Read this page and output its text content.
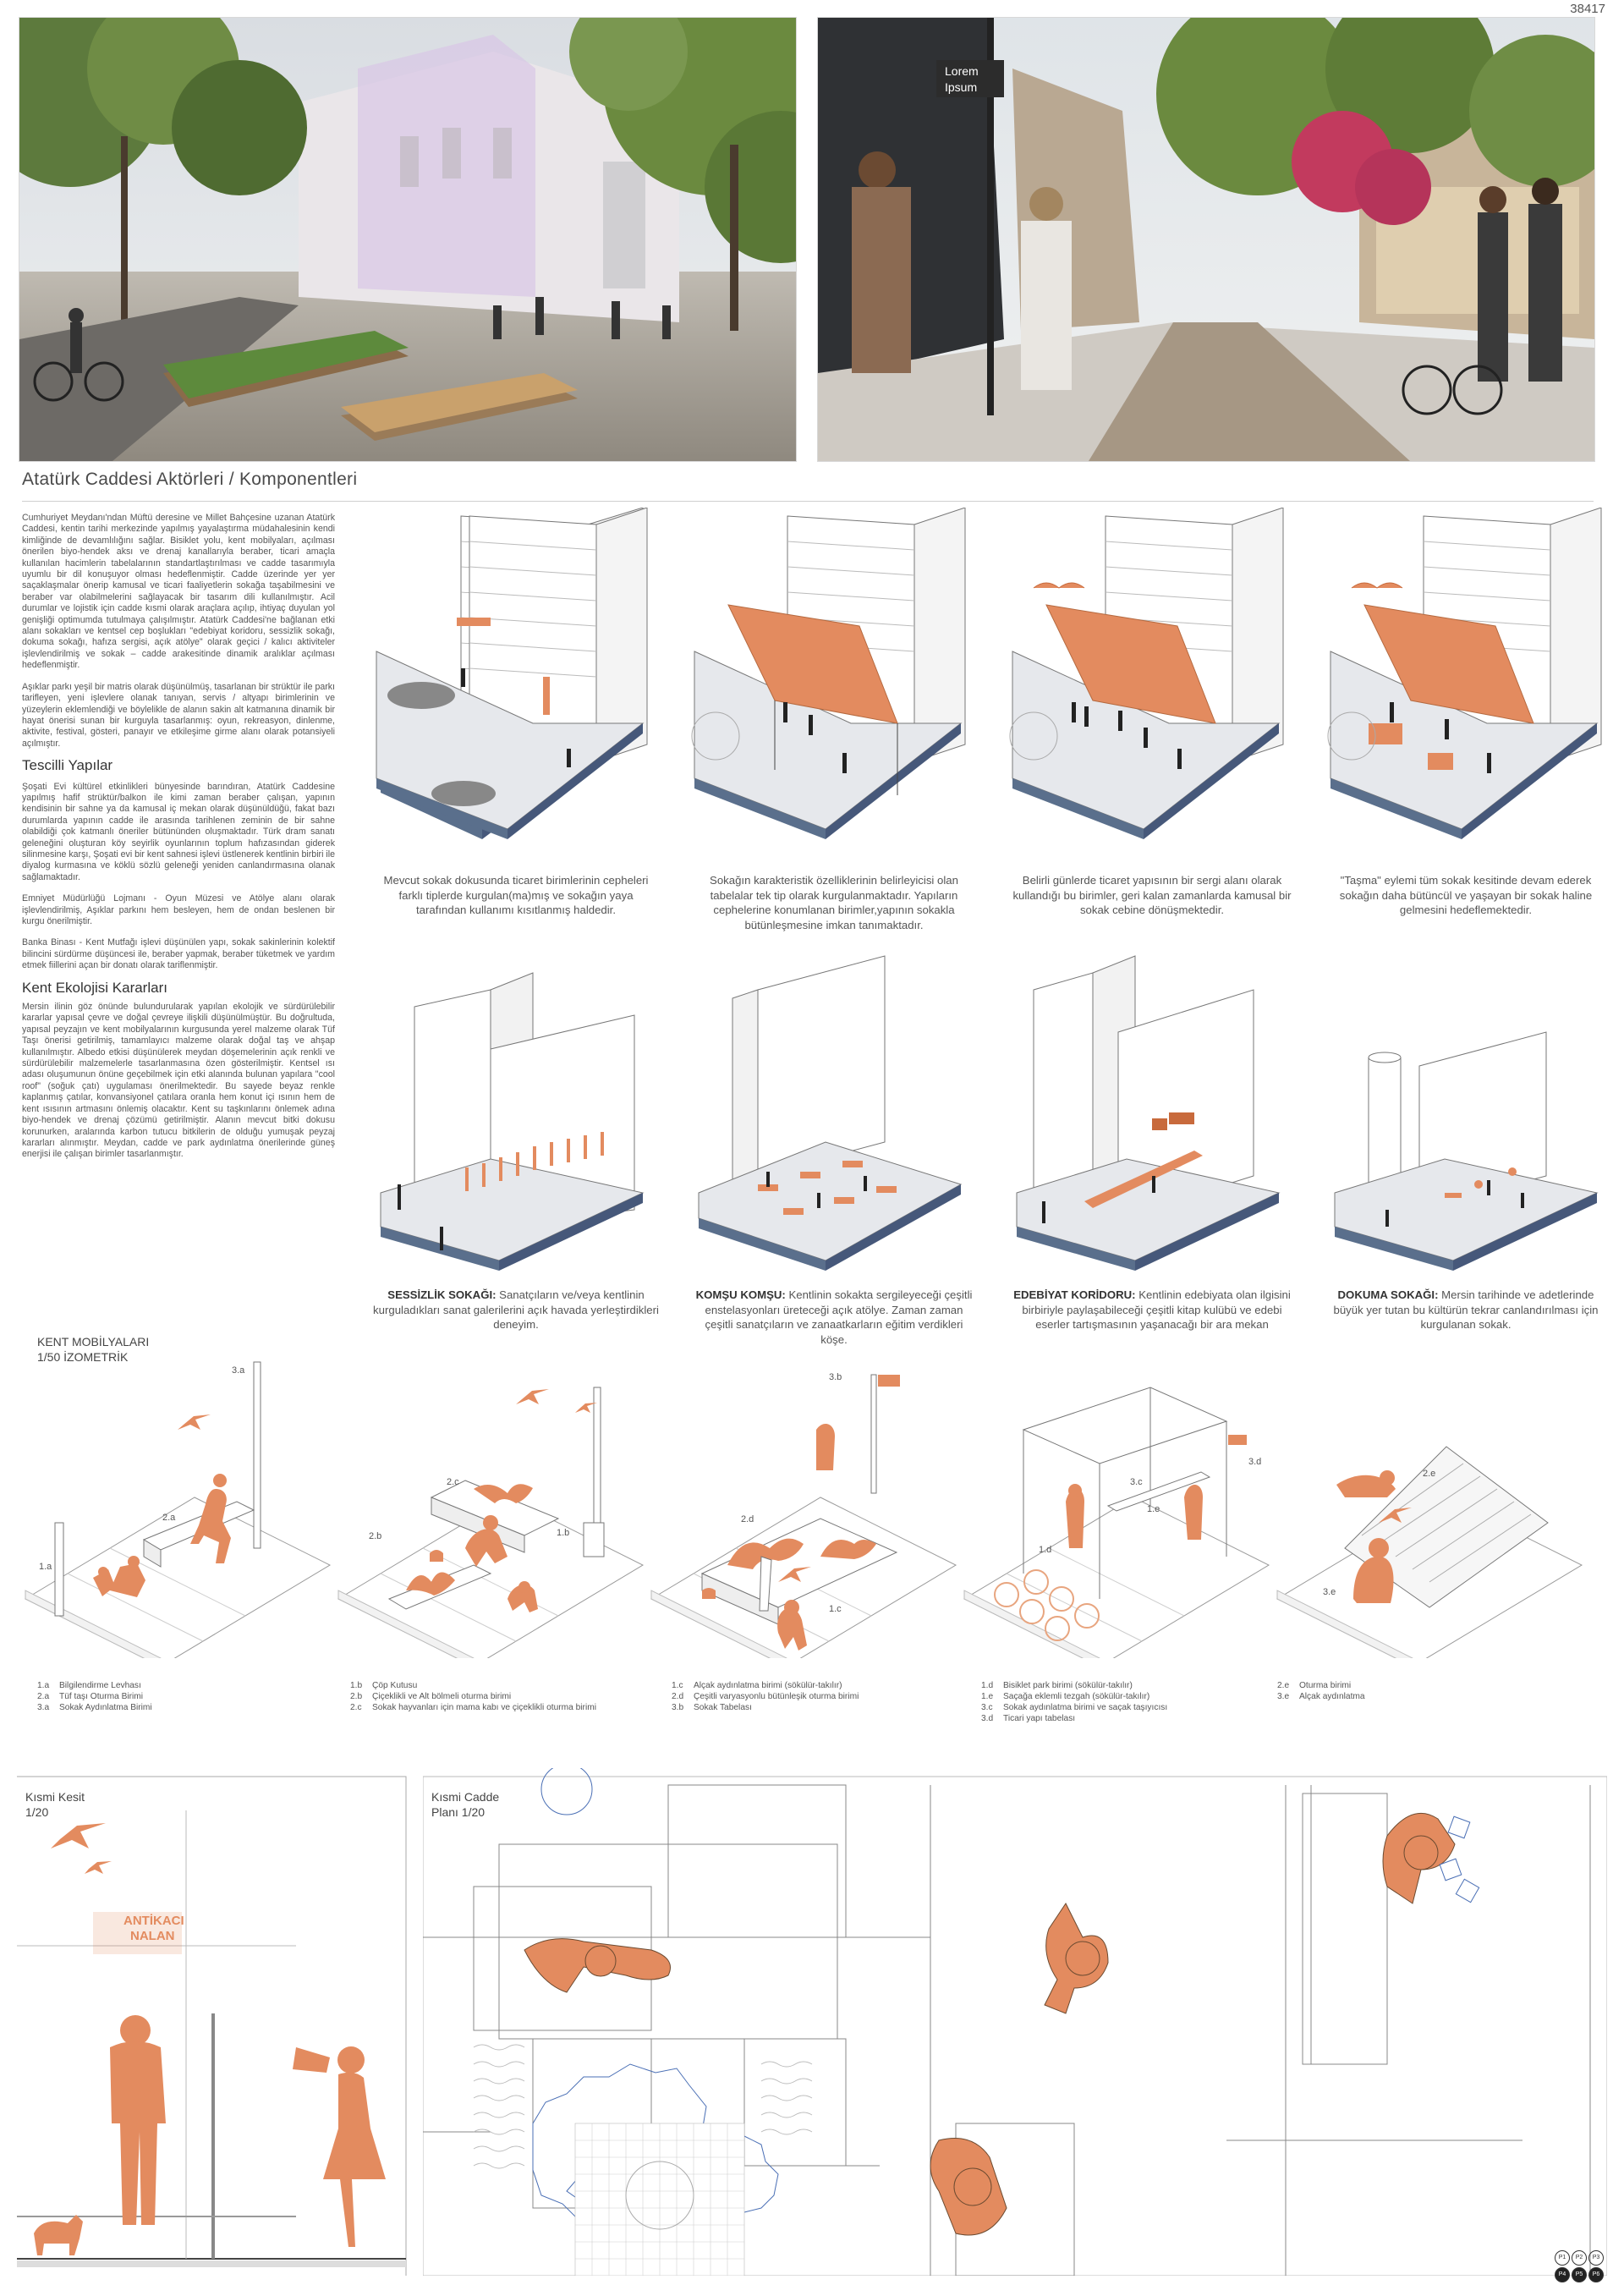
38417
Lorem
Ipsum
Atatürk Caddesi Aktörleri / Komponentleri

Cumhuriyet Meydanı'ndan Müftü deresine ve Millet Bahçesine uzanan Atatürk Caddesi, kentin tarihi merkezinde yapılmış yayalaştırma müdahalesinin kendi kimliğinde de devamlılığını sağlar. Bisiklet yolu, kent mobilyaları, açılması önerilen biyo-hendek aksı ve drenaj kanallarıyla beraber, ticari amaçla kullanılan hacimlerin tabelalarının standartlaştırılması ve cadde tasarımıyla uyumlu bir dil konuşuyor olması hedeflenmiştir. Cadde üzerinde yer yer saçaklaşmalar önerip kamusal ve ticari faaliyetlerin sokağa taşabilmesini ve beraber var olabilmelerini sağlayacak bir tasarım dili kullanılmıştır. Acil durumlar ve lojistik için cadde kısmi olarak araçlara açılıp, ihtiyaç duyulan yol genişliği optimumda tutulmaya çalışılmıştır. Atatürk Caddesi'ne bağlanan etki alanı sokakları ve kentsel cep boşlukları "edebiyat koridoru, sessizlik sokağı, dokuma sokağı, hafıza sergisi, açık atölye" olarak geçici / kalıcı aktiviteler işlevlendirilmiş ve sokak – cadde arakesitinde dinamik aralıklar açılması hedeflenmiştir.

Aşıklar parkı yeşil bir matris olarak düşünülmüş, tasarlanan bir strüktür ile parkı tarifleyen, yeni işlevlere olanak tanıyan, servis / altyapı birimlerinin ve yüzeylerin eklemlendiği ve böylelikle de alanın sakin alt katmanına dinamik bir hayat önerisi sunan bir kurguyla tasarlanmış: oyun, rekreasyon, dinlenme, aktivite, festival, gösteri, panayır ve etkileşime girme alanı olarak potansiyeli açılmıştır.

Tescilli Yapılar

Şoşati Evi kültürel etkinlikleri bünyesinde barındıran, Atatürk Caddesine yapılmış hafif strüktür/balkon ile kimi zaman beraber çalışan, yapının kendisinin bir sahne ya da kamusal iç mekan olarak düşünüldüğü, fakat bazı durumlarda yapının cadde ile arasında tarihlenen zeminin de bir sahne olabildiği çok katmanlı öneriler bütününden oluşmaktadır. Türk dram sanatı geleneğini oluşturan köy seyirlik oyunlarının toplum hafızasından giderek silinmesine karşı, Şoşati evi bir kent sahnesi işlevi üstlenerek kentlinin birbiri ile diyalog kurmasına ve köklü sözlü geleneği yeniden canlandırmasına olanak sağlamaktadır.

Emniyet Müdürlüğü Lojmanı - Oyun Müzesi ve Atölye alanı olarak işlevlendirilmiş, Aşıklar parkını hem besleyen, hem de ondan beslenen bir kurgu önerilmiştir.

Banka Binası - Kent Mutfağı işlevi düşünülen yapı, sokak sakinlerinin kolektif bilincini sürdürme düşüncesi ile, beraber yapmak, beraber tüketmek ve yardım etmek fiillerini açan bir donatı olarak tariflenmiştir.

Kent Ekolojisi Kararları

Mersin ilinin göz önünde bulundurularak yapılan ekolojik ve sürdürülebilir kararlar yapısal çevre ve doğal çevreye ilişkili düşünülmüştür. Bu doğrultuda, yapısal peyzajın ve kent mobilyalarının kurgusunda yerel malzeme olarak Tüf Taşı önerisi getirilmiş, tamamlayıcı malzeme olarak doğal taş ve ahşap kullanılmıştır. Albedo etkisi düşünülerek meydan döşemelerinin açık renkli ve sürdürülebilir malzemelerle tasarlanmasına özen gösterilmiştir. Kentsel ısı adası oluşumunun önüne geçebilmek için etki alanında bulunan yapılara "cool roof" (soğuk çatı) uygulaması önerilmektedir. Bu sayede beyaz renkle kaplanmış çatılar, konvansiyonel çatılara oranla hem konut içi ısının hem de kent ısısının artmasını önlemiş olacaktır. Kent su taşkınlarını önlemek adına biyo-hendek ve drenaj çözümü getirilmiştir. Alanın mevcut bitki dokusu korunurken, aralarında karbon tutucu bitkilerin de olduğu yumuşak peyzaj kararları alınmıştır. Meydan, cadde ve park aydınlatma önerilerinde güneş enerjisi ile çalışan birimler tasarlanmıştır.

Mevcut sokak dokusunda ticaret birimlerinin cepheleri farklı tiplerde kurgulan(ma)mış ve sokağın yaya tarafından kullanımı kısıtlanmış haldedir.
Sokağın karakteristik özelliklerinin belirleyicisi olan tabelalar tek tip olarak kurgulanmaktadır. Yapıların cephelerine konumlanan birimler,yapının sokakla bütünleşmesine imkan tanımaktadır.
Belirli günlerde ticaret yapısının bir sergi alanı olarak kullandığı bu birimler, geri kalan zamanlarda kamusal bir sokak cebine dönüşmektedir.
"Taşma" eylemi tüm sokak kesitinde devam ederek sokağın daha bütüncül ve yaşayan bir sokak haline gelmesini hedeflemektedir.
SESSİZLİK SOKAĞI: Sanatçıların ve/veya kentlinin kurguladıkları sanat galerilerini açık havada yerleştirdikleri deneyim.
KOMŞU KOMŞU: Kentlinin sokakta sergileyeceği çeşitli enstelasyonları üreteceği açık atölye. Zaman zaman çeşitli sanatçıların ve zanaatkarların eğitim verdikleri köşe.
EDEBİYAT KORİDORU: Kentlinin edebiyata olan ilgisini birbiriyle paylaşabileceği çeşitli kitap kulübü ve edebi eserler tartışmasının yaşanacağı bir ara mekan
DOKUMA SOKAĞI: Mersin tarihinde ve adetlerinde büyük yer tutan bu kültürün tekrar canlandırılması için kurgulanan sokak.
KENT MOBİLYALARI
1/50 İZOMETRİK
1.a
2.a
3.a
1.b
2.b
2.c
1.c
2.d
3.b
1.d
1.e
3.c
3.d
2.e
3.e
1.a	Bilgilendirme Levhası
2.a	Tüf taşı Oturma Birimi
3.a	Sokak Aydınlatma Birimi
1.b	Çöp Kutusu
2.b	Çiçeklikli ve Alt bölmeli oturma birimi
2.c	Sokak hayvanları için mama kabı ve çiçeklikli oturma birimi
1.c	Alçak aydınlatma birimi (sökülür-takılır)
2.d	Çeşitli varyasyonlu bütünleşik oturma birimi
3.b	Sokak Tabelası
1.d	Bisiklet park birimi (sökülür-takılır)
1.e	Saçağa eklemli tezgah (sökülür-takılır)
3.c	Sokak aydınlatma birimi ve saçak taşıyıcısı
3.d	Ticari yapı tabelası
2.e	Oturma birimi
3.e	Alçak aydınlatma
Kısmi Kesit
1/20
ANTİKACI
NALAN
Kısmi Cadde
Planı 1/20
P1	P2	P3
P4	P5	P6
